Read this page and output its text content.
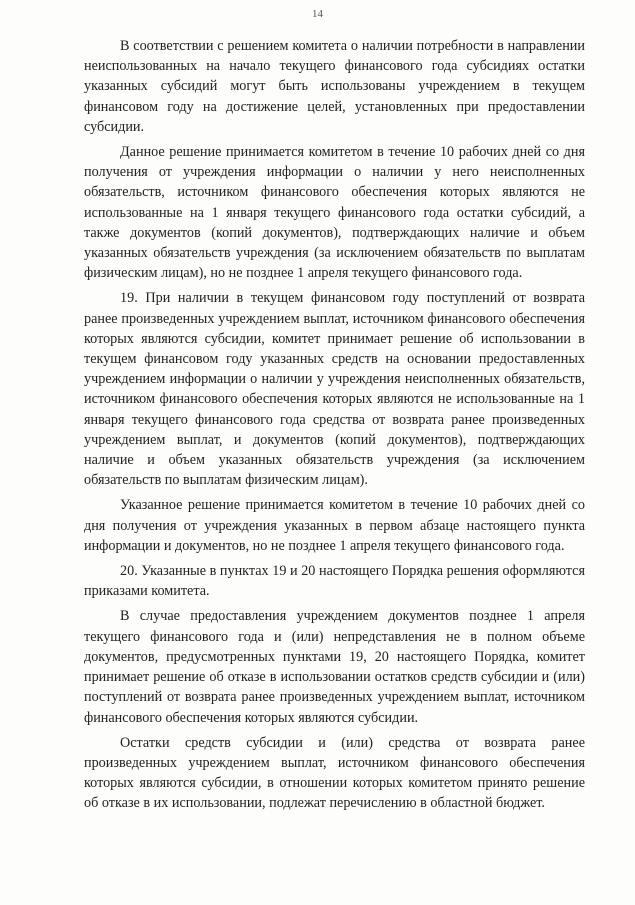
14

В соответствии с решением комитета о наличии потребности в направлении неиспользованных на начало текущего финансового года субсидиях остатки указанных субсидий могут быть использованы учреждением в текущем финансовом году на достижение целей, установленных при предоставлении субсидии.

Данное решение принимается комитетом в течение 10 рабочих дней со дня получения от учреждения информации о наличии у него неисполненных обязательств, источником финансового обеспечения которых являются не использованные на 1 января текущего финансового года остатки субсидий, а также документов (копий документов), подтверждающих наличие и объем указанных обязательств учреждения (за исключением обязательств по выплатам физическим лицам), но не позднее 1 апреля текущего финансового года.

19. При наличии в текущем финансовом году поступлений от возврата ранее произведенных учреждением выплат, источником финансового обеспечения которых являются субсидии, комитет принимает решение об использовании в текущем финансовом году указанных средств на основании предоставленных учреждением информации о наличии у учреждения неисполненных обязательств, источником финансового обеспечения которых являются не использованные на 1 января текущего финансового года средства от возврата ранее произведенных учреждением выплат, и документов (копий документов), подтверждающих наличие и объем указанных обязательств учреждения (за исключением обязательств по выплатам физическим лицам).

Указанное решение принимается комитетом в течение 10 рабочих дней со дня получения от учреждения указанных в первом абзаце настоящего пункта информации и документов, но не позднее 1 апреля текущего финансового года.

20. Указанные в пунктах 19 и 20 настоящего Порядка решения оформляются приказами комитета.

В случае предоставления учреждением документов позднее 1 апреля текущего финансового года и (или) непредставления не в полном объеме документов, предусмотренных пунктами 19, 20 настоящего Порядка, комитет принимает решение об отказе в использовании остатков средств субсидии и (или) поступлений от возврата ранее произведенных учреждением выплат, источником финансового обеспечения которых являются субсидии.

Остатки средств субсидии и (или) средства от возврата ранее произведенных учреждением выплат, источником финансового обеспечения которых являются субсидии, в отношении которых комитетом принято решение об отказе в их использовании, подлежат перечислению в областной бюджет.
